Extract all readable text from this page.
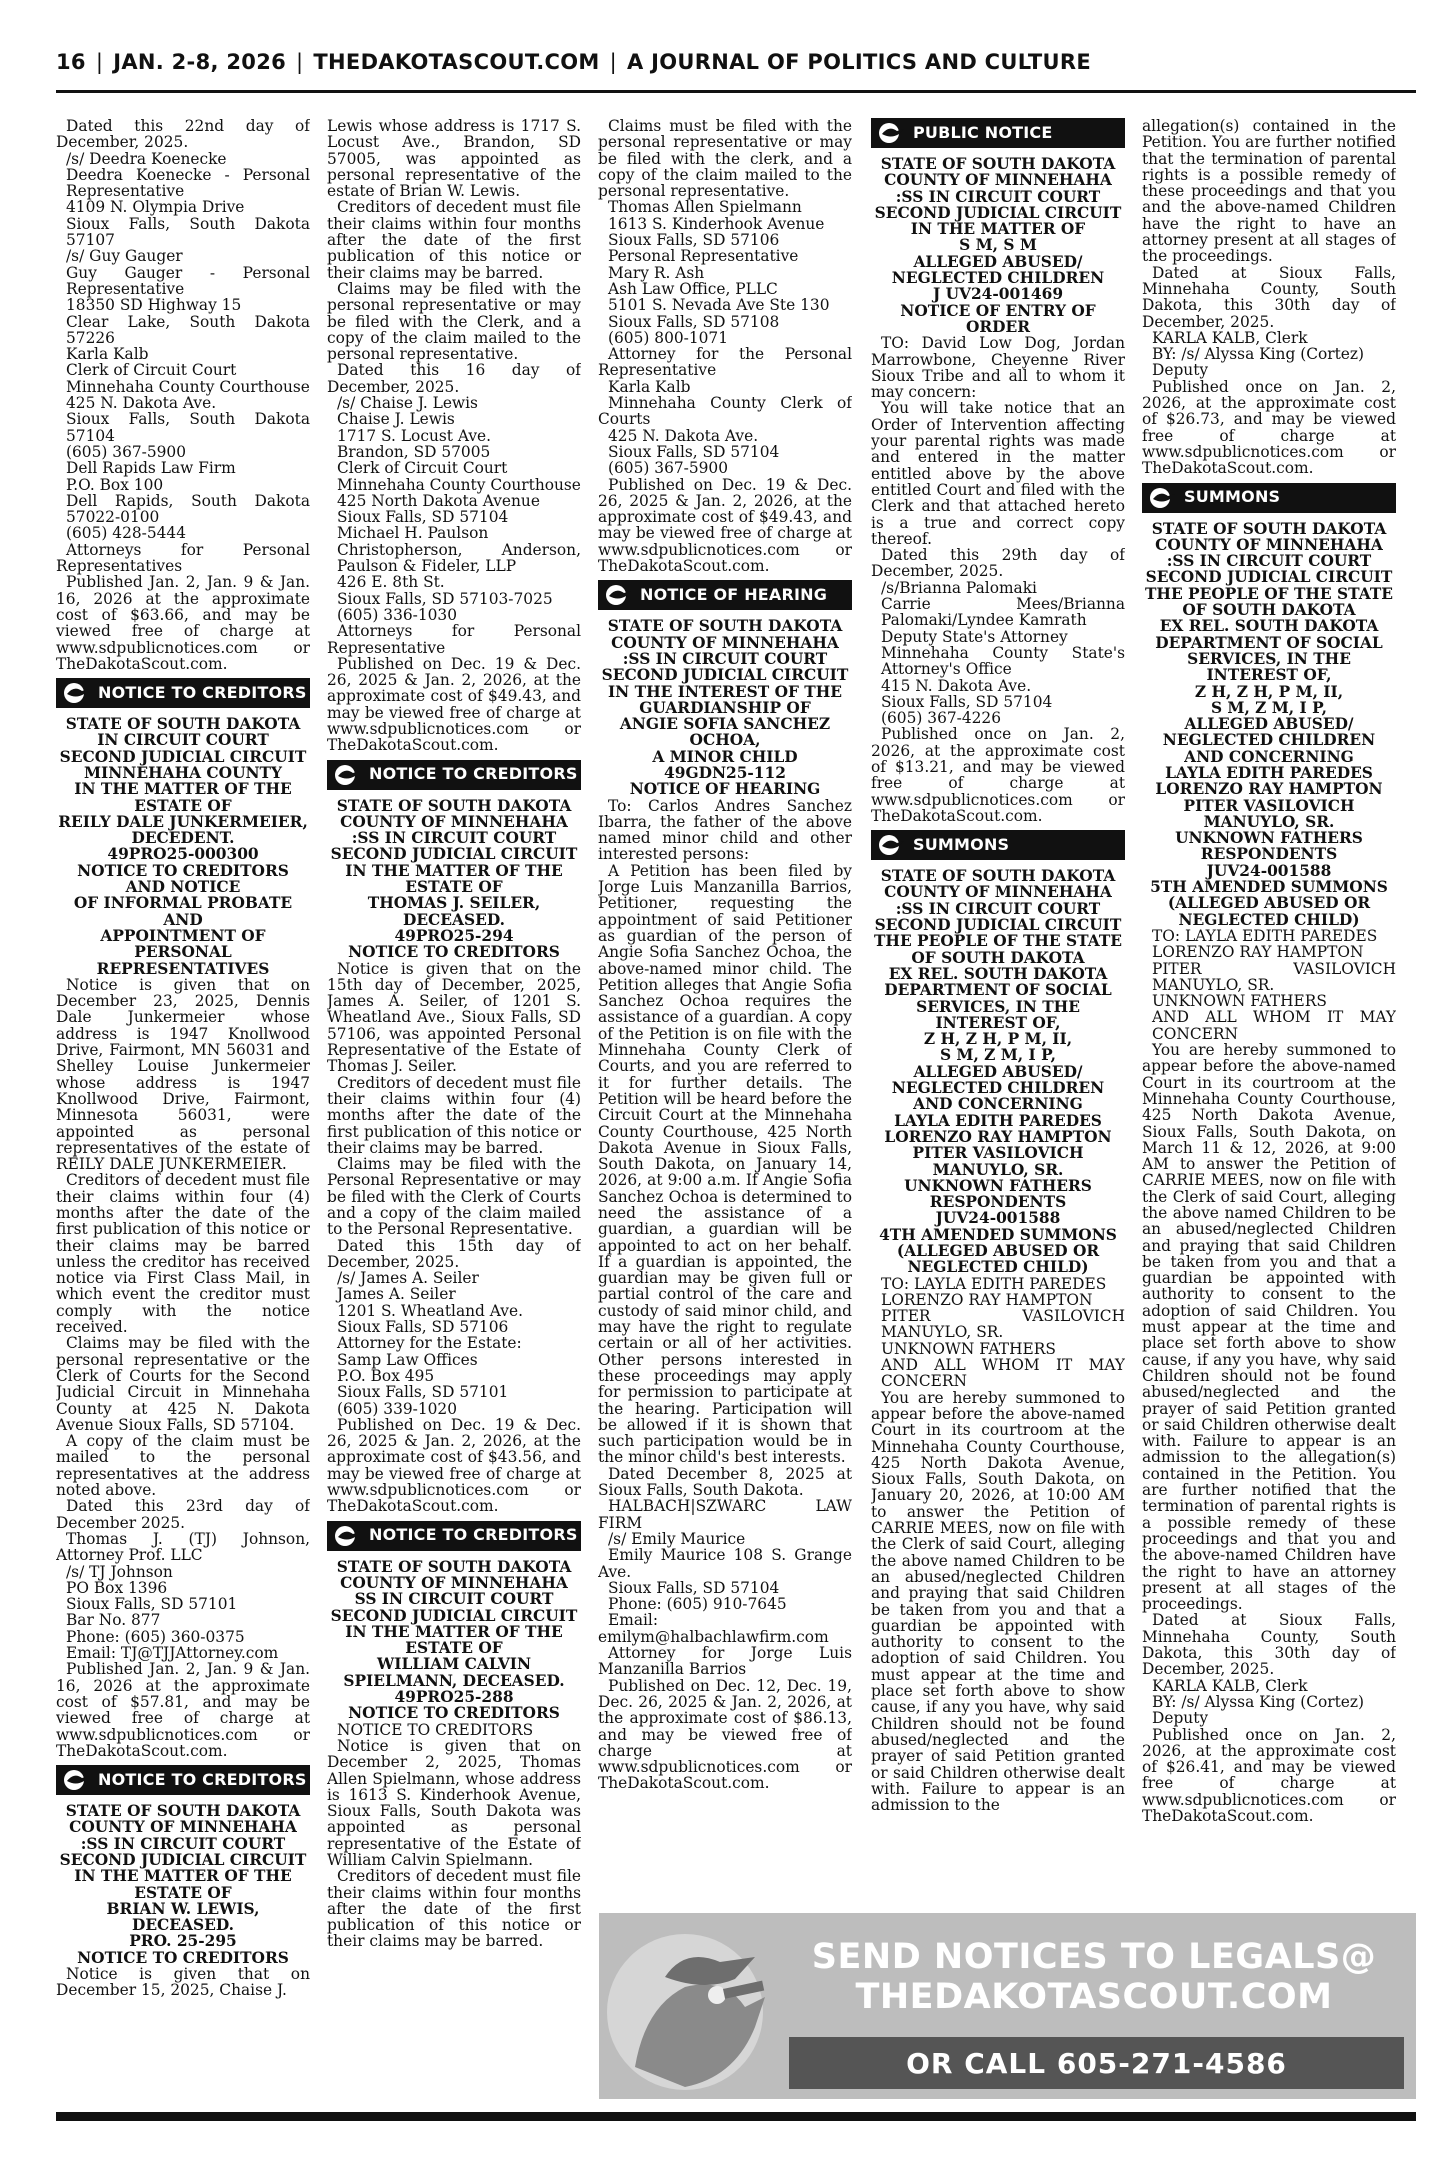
16 | JAN. 2-8, 2026 | THEDAKOTASCOUT.COM | A JOURNAL OF POLITICS AND CULTURE

Dated this 22nd day of December, 2025.

/s/ Deedra Koenecke

Deedra Koenecke - Personal Representative

4109 N. Olympia Drive

Sioux Falls, South Dakota 57107

/s/ Guy Gauger

Guy Gauger - Personal Representative

18350 SD Highway 15

Clear Lake, South Dakota 57226

Karla Kalb

Clerk of Circuit Court

Minnehaha County Courthouse

425 N. Dakota Ave.

Sioux Falls, South Dakota 57104

(605) 367-5900

Dell Rapids Law Firm

P.O. Box 100

Dell Rapids, South Dakota 57022-0100

(605) 428-5444

Attorneys for Personal Representatives

Published Jan. 2, Jan. 9 & Jan. 16, 2026 at the approximate cost of $63.66, and may be viewed free of charge at www.sdpublicnotices.com or TheDakotaScout.com.

NOTICE TO CREDITORS

STATE OF SOUTH DAKOTA

IN CIRCUIT COURT

SECOND JUDICIAL CIRCUIT

MINNEHAHA COUNTY

IN THE MATTER OF THE ESTATE OF

REILY DALE JUNKERMEIER, DECEDENT.

49PRO25-000300

NOTICE TO CREDITORS AND NOTICE

OF INFORMAL PROBATE AND

APPOINTMENT OF PERSONAL REPRESENTATIVES

Notice is given that on December 23, 2025, Dennis Dale Junkermeier whose address is 1947 Knollwood Drive, Fairmont, MN 56031 and Shelley Louise Junkermeier whose address is 1947 Knollwood Drive, Fairmont, Minnesota 56031, were appointed as personal representatives of the estate of REILY DALE JUNKERMEIER.

Creditors of decedent must file their claims within four (4) months after the date of the first publication of this notice or their claims may be barred unless the creditor has received notice via First Class Mail, in which event the creditor must comply with the notice received.

Claims may be filed with the personal representative or the Clerk of Courts for the Second Judicial Circuit in Minnehaha County at 425 N. Dakota Avenue Sioux Falls, SD 57104.

A copy of the claim must be mailed to the personal representatives at the address noted above.

Dated this 23rd day of December 2025.

Thomas J. (TJ) Johnson, Attorney Prof. LLC

/s/ TJ Johnson

PO Box 1396

Sioux Falls, SD 57101

Bar No. 877

Phone: (605) 360-0375

Email: TJ@TJJAttorney.com

Published Jan. 2, Jan. 9 & Jan. 16, 2026 at the approximate cost of $57.81, and may be viewed free of charge at www.sdpublicnotices.com or TheDakotaScout.com.

NOTICE TO CREDITORS

STATE OF SOUTH DAKOTA

COUNTY OF MINNEHAHA

:SS IN CIRCUIT COURT

SECOND JUDICIAL CIRCUIT

IN THE MATTER OF THE ESTATE OF

BRIAN W. LEWIS, DECEASED.

PRO. 25-295

NOTICE TO CREDITORS

Notice is given that on December 15, 2025, Chaise J.

Lewis whose address is 1717 S. Locust Ave., Brandon, SD 57005, was appointed as personal representative of the estate of Brian W. Lewis.

Creditors of decedent must file their claims within four months after the date of the first publication of this notice or their claims may be barred.

Claims may be filed with the personal representative or may be filed with the Clerk, and a copy of the claim mailed to the personal representative.

Dated this 16 day of December, 2025.

/s/ Chaise J. Lewis

Chaise J. Lewis

1717 S. Locust Ave.

Brandon, SD 57005

Clerk of Circuit Court

Minnehaha County Courthouse

425 North Dakota Avenue

Sioux Falls, SD 57104

Michael H. Paulson

Christopherson, Anderson, Paulson & Fideler, LLP

426 E. 8th St.

Sioux Falls, SD 57103-7025

(605) 336-1030

Attorneys for Personal Representative

Published on Dec. 19 & Dec. 26, 2025 & Jan. 2, 2026, at the approximate cost of $49.43, and may be viewed free of charge at www.sdpublicnotices.com or TheDakotaScout.com.

NOTICE TO CREDITORS

STATE OF SOUTH DAKOTA

COUNTY OF MINNEHAHA

:SS IN CIRCUIT COURT

SECOND JUDICIAL CIRCUIT

IN THE MATTER OF THE ESTATE OF

THOMAS J. SEILER, DECEASED.

49PRO25-294

NOTICE TO CREDITORS

Notice is given that on the 15th day of December, 2025, James A. Seiler, of 1201 S. Wheatland Ave., Sioux Falls, SD 57106, was appointed Personal Representative of the Estate of Thomas J. Seiler.

Creditors of decedent must file their claims within four (4) months after the date of the first publication of this notice or their claims may be barred.

Claims may be filed with the Personal Representative or may be filed with the Clerk of Courts and a copy of the claim mailed to the Personal Representative.

Dated this 15th day of December, 2025.

/s/ James A. Seiler

James A. Seiler

1201 S. Wheatland Ave.

Sioux Falls, SD 57106

Attorney for the Estate:

Samp Law Offices

P.O. Box 495

Sioux Falls, SD 57101

(605) 339-1020

Published on Dec. 19 & Dec. 26, 2025 & Jan. 2, 2026, at the approximate cost of $43.56, and may be viewed free of charge at www.sdpublicnotices.com or TheDakotaScout.com.

NOTICE TO CREDITORS

STATE OF SOUTH DAKOTA

COUNTY OF MINNEHAHA

SS IN CIRCUIT COURT

SECOND JUDICIAL CIRCUIT

IN THE MATTER OF THE ESTATE OF

WILLIAM CALVIN SPIELMANN, DECEASED.

49PRO25-288

NOTICE TO CREDITORS

NOTICE TO CREDITORS

Notice is given that on December 2, 2025, Thomas Allen Spielmann, whose address is 1613 S. Kinderhook Avenue, Sioux Falls, South Dakota was appointed as personal representative of the Estate of William Calvin Spielmann.

Creditors of decedent must file their claims within four months after the date of the first publication of this notice or their claims may be barred.

Claims must be filed with the personal representative or may be filed with the clerk, and a copy of the claim mailed to the personal representative.

Thomas Allen Spielmann

1613 S. Kinderhook Avenue

Sioux Falls, SD 57106

Personal Representative

Mary R. Ash

Ash Law Office, PLLC

5101 S. Nevada Ave Ste 130

Sioux Falls, SD 57108

(605) 800-1071

Attorney for the Personal Representative

Karla Kalb

Minnehaha County Clerk of Courts

425 N. Dakota Ave.

Sioux Falls, SD 57104

(605) 367-5900

Published on Dec. 19 & Dec. 26, 2025 & Jan. 2, 2026, at the approximate cost of $49.43, and may be viewed free of charge at www.sdpublicnotices.com or TheDakotaScout.com.

NOTICE OF HEARING

STATE OF SOUTH DAKOTA

COUNTY OF MINNEHAHA

:SS IN CIRCUIT COURT

SECOND JUDICIAL CIRCUIT

IN THE INTEREST OF THE GUARDIANSHIP OF

ANGIE SOFIA SANCHEZ OCHOA,

A MINOR CHILD

49GDN25-112

NOTICE OF HEARING

To: Carlos Andres Sanchez Ibarra, the father of the above named minor child and other interested persons:

A Petition has been filed by Jorge Luis Manzanilla Barrios, Petitioner, requesting the appointment of said Petitioner as guardian of the person of Angie Sofia Sanchez Ochoa, the above-named minor child. The Petition alleges that Angie Sofia Sanchez Ochoa requires the assistance of a guardian. A copy of the Petition is on file with the Minnehaha County Clerk of Courts, and you are referred to it for further details. The Petition will be heard before the Circuit Court at the Minnehaha County Courthouse, 425 North Dakota Avenue in Sioux Falls, South Dakota, on January 14, 2026, at 9:00 a.m. If Angie Sofia Sanchez Ochoa is determined to need the assistance of a guardian, a guardian will be appointed to act on her behalf. If a guardian is appointed, the guardian may be given full or partial control of the care and custody of said minor child, and may have the right to regulate certain or all of her activities. Other persons interested in these proceedings may apply for permission to participate at the hearing. Participation will be allowed if it is shown that such participation would be in the minor child's best interests.

Dated December 8, 2025 at Sioux Falls, South Dakota.

HALBACH|SZWARC LAW FIRM

/s/ Emily Maurice

Emily Maurice 108 S. Grange Ave.

Sioux Falls, SD 57104

Phone: (605) 910-7645

Email: emilym@halbachlawfirm.com

Attorney for Jorge Luis Manzanilla Barrios

Published on Dec. 12, Dec. 19, Dec. 26, 2025 & Jan. 2, 2026, at the approximate cost of $86.13, and may be viewed free of charge at www.sdpublicnotices.com or TheDakotaScout.com.

PUBLIC NOTICE

STATE OF SOUTH DAKOTA

COUNTY OF MINNEHAHA

:SS IN CIRCUIT COURT

SECOND JUDICIAL CIRCUIT

IN THE MATTER OF

S M, S M

ALLEGED ABUSED/ NEGLECTED CHILDREN

J UV24-001469

NOTICE OF ENTRY OF ORDER

TO: David Low Dog, Jordan Marrowbone, Cheyenne River Sioux Tribe and all to whom it may concern:

You will take notice that an Order of Intervention affecting your parental rights was made and entered in the matter entitled above by the above entitled Court and filed with the Clerk and that attached hereto is a true and correct copy thereof.

Dated this 29th day of December, 2025.

/s/Brianna Palomaki

Carrie Mees/Brianna Palomaki/Lyndee Kamrath

Deputy State's Attorney

Minnehaha County State's Attorney's Office

415 N. Dakota Ave.

Sioux Falls, SD 57104

(605) 367-4226

Published once on Jan. 2, 2026, at the approximate cost of $13.21, and may be viewed free of charge at www.sdpublicnotices.com or TheDakotaScout.com.

SUMMONS

STATE OF SOUTH DAKOTA

COUNTY OF MINNEHAHA

:SS IN CIRCUIT COURT

SECOND JUDICIAL CIRCUIT

THE PEOPLE OF THE STATE OF SOUTH DAKOTA

EX REL. SOUTH DAKOTA DEPARTMENT OF SOCIAL SERVICES, IN THE INTEREST OF,

Z H, Z H, P M, II,

S M, Z M, I P,

ALLEGED ABUSED/ NEGLECTED CHILDREN

AND CONCERNING

LAYLA EDITH PAREDES

LORENZO RAY HAMPTON

PITER VASILOVICH MANUYLO, SR.

UNKNOWN FATHERS

RESPONDENTS

JUV24-001588

4TH AMENDED SUMMONS

(ALLEGED ABUSED OR NEGLECTED CHILD)

TO: LAYLA EDITH PAREDES

LORENZO RAY HAMPTON

PITER VASILOVICH MANUYLO, SR.

UNKNOWN FATHERS

AND ALL WHOM IT MAY CONCERN

You are hereby summoned to appear before the above-named Court in its courtroom at the Minnehaha County Courthouse, 425 North Dakota Avenue, Sioux Falls, South Dakota, on January 20, 2026, at 10:00 AM to answer the Petition of CARRIE MEES, now on file with the Clerk of said Court, alleging the above named Children to be an abused/neglected Children and praying that said Children be taken from you and that a guardian be appointed with authority to consent to the adoption of said Children. You must appear at the time and place set forth above to show cause, if any you have, why said Children should not be found abused/neglected and the prayer of said Petition granted or said Children otherwise dealt with. Failure to appear is an admission to the

allegation(s) contained in the Petition. You are further notified that the termination of parental rights is a possible remedy of these proceedings and that you and the above-named Children have the right to have an attorney present at all stages of the proceedings.

Dated at Sioux Falls, Minnehaha County, South Dakota, this 30th day of December, 2025.

KARLA KALB, Clerk

BY: /s/ Alyssa King (Cortez)

Deputy

Published once on Jan. 2, 2026, at the approximate cost of $26.73, and may be viewed free of charge at www.sdpublicnotices.com or TheDakotaScout.com.

SUMMONS

STATE OF SOUTH DAKOTA

COUNTY OF MINNEHAHA

:SS IN CIRCUIT COURT

SECOND JUDICIAL CIRCUIT

THE PEOPLE OF THE STATE OF SOUTH DAKOTA

EX REL. SOUTH DAKOTA DEPARTMENT OF SOCIAL SERVICES, IN THE INTEREST OF,

Z H, Z H, P M, II,

S M, Z M, I P,

ALLEGED ABUSED/ NEGLECTED CHILDREN

AND CONCERNING

LAYLA EDITH PAREDES

LORENZO RAY HAMPTON

PITER VASILOVICH MANUYLO, SR.

UNKNOWN FATHERS

RESPONDENTS

JUV24-001588

5TH AMENDED SUMMONS

(ALLEGED ABUSED OR NEGLECTED CHILD)

TO: LAYLA EDITH PAREDES

LORENZO RAY HAMPTON

PITER VASILOVICH MANUYLO, SR.

UNKNOWN FATHERS

AND ALL WHOM IT MAY CONCERN

You are hereby summoned to appear before the above-named Court in its courtroom at the Minnehaha County Courthouse, 425 North Dakota Avenue, Sioux Falls, South Dakota, on March 11 & 12, 2026, at 9:00 AM to answer the Petition of CARRIE MEES, now on file with the Clerk of said Court, alleging the above named Children to be an abused/neglected Children and praying that said Children be taken from you and that a guardian be appointed with authority to consent to the adoption of said Children. You must appear at the time and place set forth above to show cause, if any you have, why said Children should not be found abused/neglected and the prayer of said Petition granted or said Children otherwise dealt with. Failure to appear is an admission to the allegation(s) contained in the Petition. You are further notified that the termination of parental rights is a possible remedy of these proceedings and that you and the above-named Children have the right to have an attorney present at all stages of the proceedings.

Dated at Sioux Falls, Minnehaha County, South Dakota, this 30th day of December, 2025.

KARLA KALB, Clerk

BY: /s/ Alyssa King (Cortez)

Deputy

Published once on Jan. 2, 2026, at the approximate cost of $26.41, and may be viewed free of charge at www.sdpublicnotices.com or TheDakotaScout.com.

SEND NOTICES TO LEGALS@
THEDAKOTASCOUT.COM
OR CALL 605-271-4586
